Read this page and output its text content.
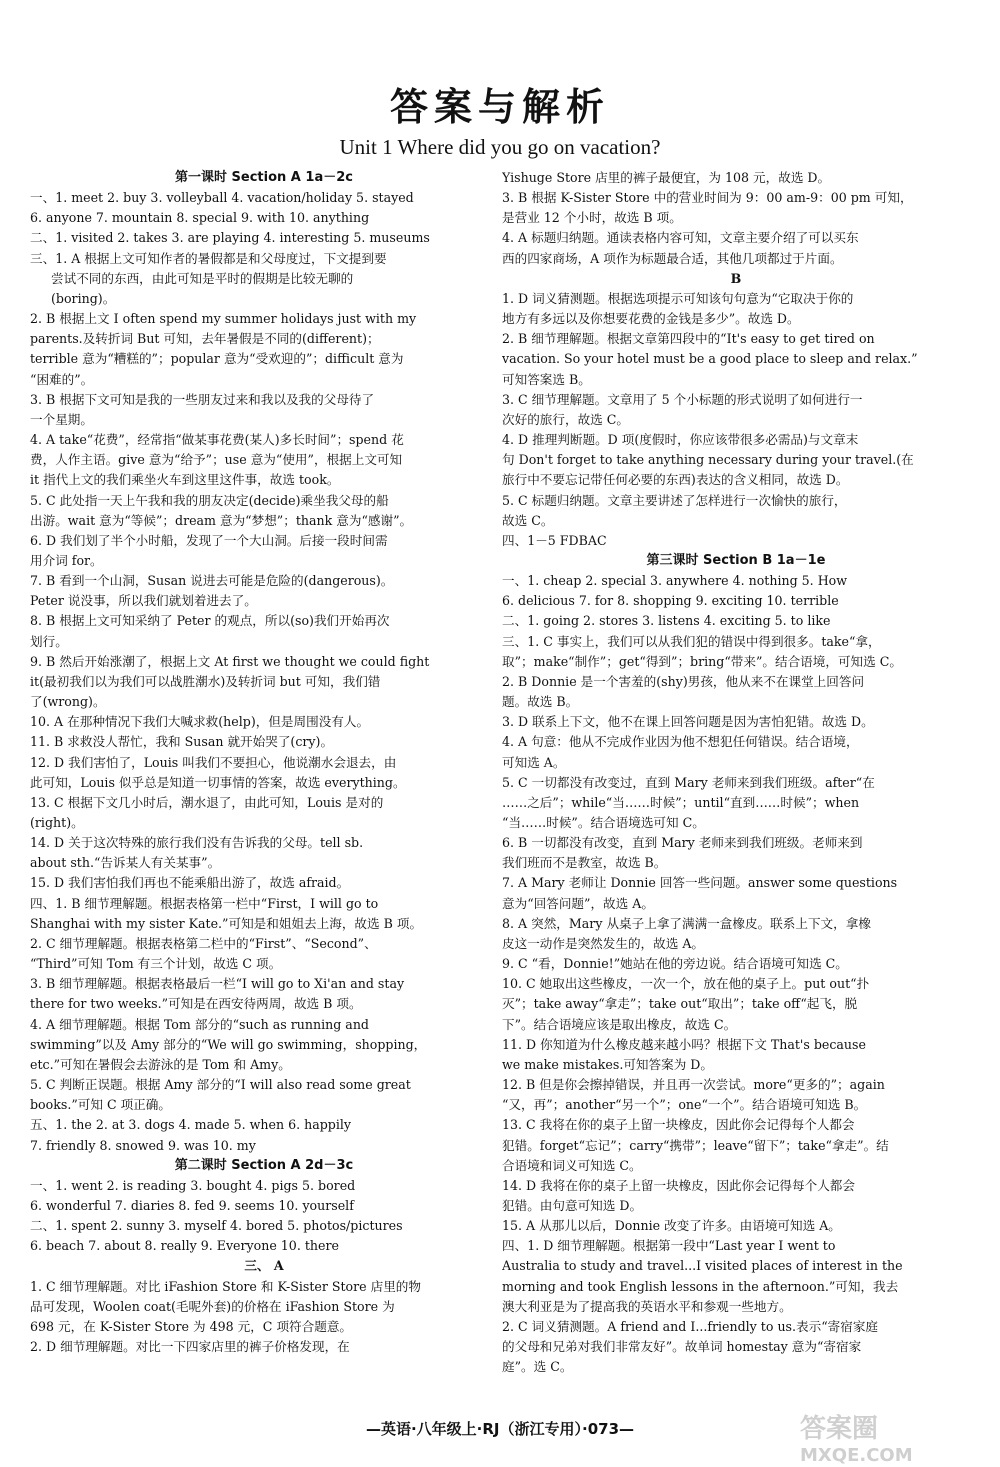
答案与解析
Unit 1 Where did you go on vacation?
第一课时 Section A 1a－2c
一、1. meet 2. buy 3. volleyball 4. vacation/holiday 5. stayed
6. anyone 7. mountain 8. special 9. with 10. anything
二、1. visited 2. takes 3. are playing 4. interesting 5. museums
三、1. A 根据上文可知作者的暑假都是和父母度过，下文提到要
尝试不同的东西，由此可知是平时的假期是比较无聊的
(boring)。
2. B 根据上文 I often spend my summer holidays just with my
parents.及转折词 But 可知，去年暑假是不同的(different)；
terrible 意为“糟糕的”；popular 意为“受欢迎的”；difficult 意为
“困难的”。
3. B 根据下文可知是我的一些朋友过来和我以及我的父母待了
一个星期。
4. A take“花费”，经常指“做某事花费(某人)多长时间”；spend 花
费，人作主语。give 意为“给予”；use 意为“使用”，根据上文可知
it 指代上文的我们乘坐火车到这里这件事，故选 took。
5. C 此处指一天上午我和我的朋友决定(decide)乘坐我父母的船
出游。wait 意为“等候”；dream 意为“梦想”；thank 意为“感谢”。
6. D 我们划了半个小时船，发现了一个大山洞。后接一段时间需
用介词 for。
7. B 看到一个山洞，Susan 说进去可能是危险的(dangerous)。
Peter 说没事，所以我们就划着进去了。
8. B 根据上文可知采纳了 Peter 的观点，所以(so)我们开始再次
划行。
9. B 然后开始涨潮了，根据上文 At first we thought we could fight
it(最初我们以为我们可以战胜潮水)及转折词 but 可知，我们错
了(wrong)。
10. A 在那种情况下我们大喊求救(help)，但是周围没有人。
11. B 求救没人帮忙，我和 Susan 就开始哭了(cry)。
12. D 我们害怕了，Louis 叫我们不要担心，他说潮水会退去，由
此可知，Louis 似乎总是知道一切事情的答案，故选 everything。
13. C 根据下文几小时后，潮水退了，由此可知，Louis 是对的
(right)。
14. D 关于这次特殊的旅行我们没有告诉我的父母。tell sb.
about sth.“告诉某人有关某事”。
15. D 我们害怕我们再也不能乘船出游了，故选 afraid。
四、1. B 细节理解题。根据表格第一栏中“First，I will go to
Shanghai with my sister Kate.”可知是和姐姐去上海，故选 B 项。
2. C 细节理解题。根据表格第二栏中的“First”、“Second”、
“Third”可知 Tom 有三个计划，故选 C 项。
3. B 细节理解题。根据表格最后一栏“I will go to Xi'an and stay
there for two weeks.”可知是在西安待两周，故选 B 项。
4. A 细节理解题。根据 Tom 部分的“such as running and
swimming”以及 Amy 部分的“We will go swimming，shopping，
etc.”可知在暑假会去游泳的是 Tom 和 Amy。
5. C 判断正误题。根据 Amy 部分的“I will also read some great
books.”可知 C 项正确。
五、1. the 2. at 3. dogs 4. made 5. when 6. happily
7. friendly 8. snowed 9. was 10. my
第二课时 Section A 2d－3c
一、1. went 2. is reading 3. bought 4. pigs 5. bored
6. wonderful 7. diaries 8. fed 9. seems 10. yourself
二、1. spent 2. sunny 3. myself 4. bored 5. photos/pictures
6. beach 7. about 8. really 9. Everyone 10. there
三、 A
1. C 细节理解题。对比 iFashion Store 和 K-Sister Store 店里的物
品可发现，Woolen coat(毛呢外套)的价格在 iFashion Store 为
698 元，在 K-Sister Store 为 498 元，C 项符合题意。
2. D 细节理解题。对比一下四家店里的裤子价格发现，在
Yishuge Store 店里的裤子最便宜，为 108 元，故选 D。
3. B 根据 K-Sister Store 中的营业时间为 9：00 am-9：00 pm 可知，
是营业 12 个小时，故选 B 项。
4. A 标题归纳题。通读表格内容可知，文章主要介绍了可以买东
西的四家商场，A 项作为标题最合适，其他几项都过于片面。
B
1. D 词义猜测题。根据选项提示可知该句句意为“它取决于你的
地方有多远以及你想要花费的金钱是多少”。故选 D。
2. B 细节理解题。根据文章第四段中的“It's easy to get tired on
vacation. So your hotel must be a good place to sleep and relax.”
可知答案选 B。
3. C 细节理解题。文章用了 5 个小标题的形式说明了如何进行一
次好的旅行，故选 C。
4. D 推理判断题。D 项(度假时，你应该带很多必需品)与文章末
句 Don't forget to take anything necessary during your travel.(在
旅行中不要忘记带任何必要的东西)表达的含义相同，故选 D。
5. C 标题归纳题。文章主要讲述了怎样进行一次愉快的旅行，
故选 C。
四、1－5 FDBAC
第三课时 Section B 1a－1e
一、1. cheap 2. special 3. anywhere 4. nothing 5. How
6. delicious 7. for 8. shopping 9. exciting 10. terrible
二、1. going 2. stores 3. listens 4. exciting 5. to like
三、1. C 事实上，我们可以从我们犯的错误中得到很多。take“拿，
取”；make“制作”；get“得到”；bring“带来”。结合语境，可知选 C。
2. B Donnie 是一个害羞的(shy)男孩，他从来不在课堂上回答问
题。故选 B。
3. D 联系上下文，他不在课上回答问题是因为害怕犯错。故选 D。
4. A 句意：他从不完成作业因为他不想犯任何错误。结合语境，
可知选 A。
5. C 一切都没有改变过，直到 Mary 老师来到我们班级。after“在
……之后”；while“当……时候”；until“直到……时候”；when
“当……时候”。结合语境选可知 C。
6. B 一切都没有改变，直到 Mary 老师来到我们班级。老师来到
我们班而不是教室，故选 B。
7. A Mary 老师让 Donnie 回答一些问题。answer some questions
意为“回答问题”，故选 A。
8. A 突然，Mary 从桌子上拿了满满一盒橡皮。联系上下文，拿橡
皮这一动作是突然发生的，故选 A。
9. C “看，Donnie!”她站在他的旁边说。结合语境可知选 C。
10. C 她取出这些橡皮，一次一个，放在他的桌子上。put out“扑
灭”；take away“拿走”；take out“取出”；take off“起飞，脱
下”。结合语境应该是取出橡皮，故选 C。
11. D 你知道为什么橡皮越来越小吗？根据下文 That's because
we make mistakes.可知答案为 D。
12. B 但是你会擦掉错误，并且再一次尝试。more“更多的”；again
“又，再”；another“另一个”；one“一个”。结合语境可知选 B。
13. C 我将在你的桌子上留一块橡皮，因此你会记得每个人都会
犯错。forget“忘记”；carry“携带”；leave“留下”；take“拿走”。结
合语境和词义可知选 C。
14. D 我将在你的桌子上留一块橡皮，因此你会记得每个人都会
犯错。由句意可知选 D。
15. A 从那儿以后，Donnie 改变了许多。由语境可知选 A。
四、1. D 细节理解题。根据第一段中“Last year I went to
Australia to study and travel...I visited places of interest in the
morning and took English lessons in the afternoon.”可知，我去
澳大利亚是为了提高我的英语水平和参观一些地方。
2. C 词义猜测题。A friend and I...friendly to us.表示“寄宿家庭
的父母和兄弟对我们非常友好”。故单词 homestay 意为“寄宿家
庭”。选 C。
—英语·八年级上·RJ（浙江专用）·073—	答案圈
MXQE.COM
